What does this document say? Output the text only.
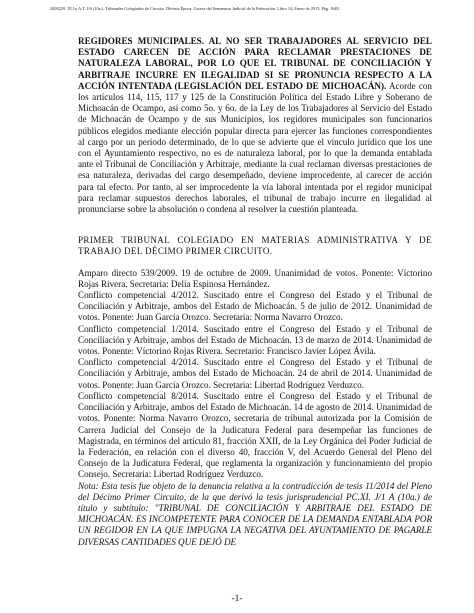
2008229. XI.1o.A.T. J/6 (10a.). Tribunales Colegiados de Circuito. Décima Época. Gaceta del Semanario Judicial de la Federación. Libro 14, Enero de 2015, Pág. 1648.

REGIDORES MUNICIPALES. AL NO SER TRABAJADORES AL SERVICIO DEL ESTADO CARECEN DE ACCIÓN PARA RECLAMAR PRESTACIONES DE NATURALEZA LABORAL, POR LO QUE EL TRIBUNAL DE CONCILIACIÓN Y ARBITRAJE INCURRE EN ILEGALIDAD SI SE PRONUNCIA RESPECTO A LA ACCIÓN INTENTADA (LEGISLACIÓN DEL ESTADO DE MICHOACÁN). Acorde con los artículos 114, 115, 117 y 125 de la Constitución Política del Estado Libre y Soberano de Michoacán de Ocampo, así como 5o. y 6o. de la Ley de los Trabajadores al Servicio del Estado de Michoacán de Ocampo y de sus Municipios, los regidores municipales son funcionarios públicos elegidos mediante elección popular directa para ejercer las funciones correspondientes al cargo por un periodo determinado, de lo que se advierte que el vínculo jurídico que los une con el Ayuntamiento respectivo, no es de naturaleza laboral, por lo que la demanda entablada ante el Tribunal de Conciliación y Arbitraje, mediante la cual reclaman diversas prestaciones de esa naturaleza, derivadas del cargo desempeñado, deviene improcedente, al carecer de acción para tal efecto. Por tanto, al ser improcedente la vía laboral intentada por el regidor municipal para reclamar supuestos derechos laborales, el tribunal de trabajo incurre en ilegalidad al pronunciarse sobre la absolución o condena al resolver la cuestión planteada.

PRIMER TRIBUNAL COLEGIADO EN MATERIAS ADMINISTRATIVA Y DE TRABAJO DEL DÉCIMO PRIMER CIRCUITO.

Amparo directo 539/2009. 19 de octubre de 2009. Unanimidad de votos. Ponente: Víctorino Rojas Rivera. Secretaria: Delia Espinosa Hernández.

Conflicto competencial 4/2012. Suscitado entre el Congreso del Estado y el Tribunal de Conciliación y Arbitraje, ambos del Estado de Michoacán. 5 de julio de 2012. Unanimidad de votos. Ponente: Juan García Orozco. Secretaria: Norma Navarro Orozco.

Conflicto competencial 1/2014. Suscitado entre el Congreso del Estado y el Tribunal de Conciliación y Arbitraje, ambos del Estado de Michoacán. 13 de marzo de 2014. Unanimidad de votos. Ponente: Víctorino Rojas Rivera. Secretario: Francisco Javier López Ávila.

Conflicto competencial 4/2014. Suscitado entre el Congreso del Estado y el Tribunal de Conciliación y Arbitraje, ambos del Estado de Michoacán. 24 de abril de 2014. Unanimidad de votos. Ponente: Juan García Orozco. Secretaria: Libertad Rodríguez Verduzco.

Conflicto competencial 8/2014. Suscitado entre el Congreso del Estado y el Tribunal de Conciliación y Arbitraje, ambos del Estado de Michoacán. 14 de agosto de 2014. Unanimidad de votos. Ponente: Norma Navarro Orozco, secretaria de tribunal autorizada por la Comisión de Carrera Judicial del Consejo de la Judicatura Federal para desempeñar las funciones de Magistrada, en términos del artículo 81, fracción XXII, de la Ley Orgánica del Poder Judicial de la Federación, en relación con el diverso 40, fracción V, del Acuerdo General del Pleno del Consejo de la Judicatura Federal, que reglamenta la organización y funcionamiento del propio Consejo. Secretaria: Libertad Rodríguez Verduzco.

Nota: Esta tesis fue objeto de la denuncia relativa a la contradicción de tesis 11/2014 del Pleno del Décimo Primer Circuito, de la que derivó la tesis jurisprudencial PC.XI. J/1 A (10a.) de título y subtítulo: "TRIBUNAL DE CONCILIACIÓN Y ARBITRAJE DEL ESTADO DE MICHOACÁN. ES INCOMPETENTE PARA CONOCER DE LA DEMANDA ENTABLADA POR UN REGIDOR EN LA QUE IMPUGNA LA NEGATIVA DEL AYUNTAMIENTO DE PAGARLE DIVERSAS CANTIDADES QUE DEJÓ DE

-1-
